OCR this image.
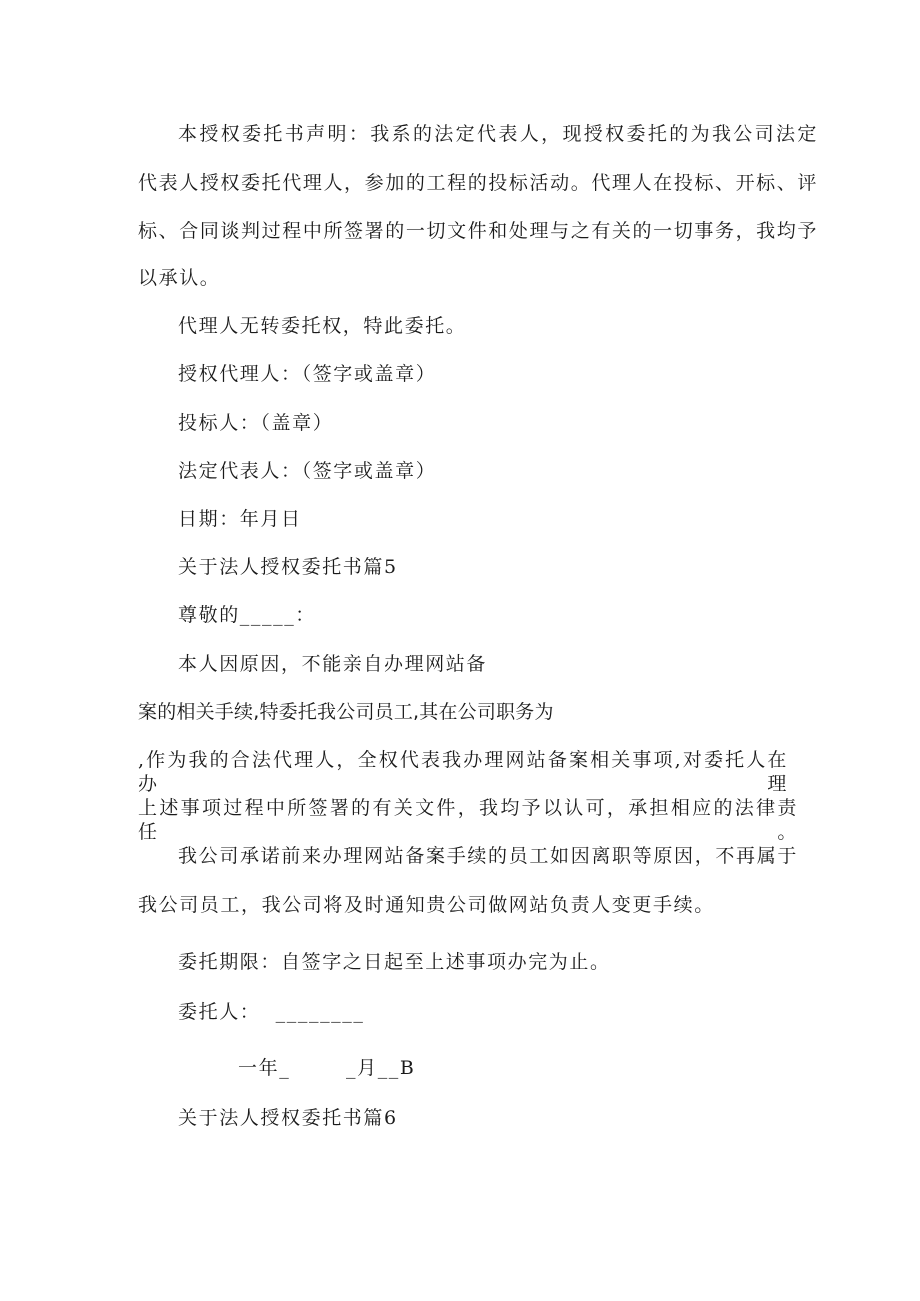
本授权委托书声明：我系的法定代表人，现授权委托的为我公司法定
代表人授权委托代理人，参加的工程的投标活动。代理人在投标、开标、评
标、合同谈判过程中所签署的一切文件和处理与之有关的一切事务，我均予
以承认。
代理人无转委托权，特此委托。
授权代理人：（签字或盖章）
投标人：（盖章）
法定代表人：（签字或盖章）
日期：年月日
关于法人授权委托书篇5
尊敬的_____：
本人因原因，不能亲自办理网站备
案的相关手续,特委托我公司员工,其在公司职务为
,作为我的合法代理人，全权代表我办理网站备案相关事项,对委托人在办理
上述事项过程中所签署的有关文件，我均予以认可，承担相应的法律责任。
我公司承诺前来办理网站备案手续的员工如因离职等原因，不再属于
我公司员工，我公司将及时通知贵公司做网站负责人变更手续。
委托期限：自签字之日起至上述事项办完为止。
委托人：  ________
一年_	_月__B
关于法人授权委托书篇6
